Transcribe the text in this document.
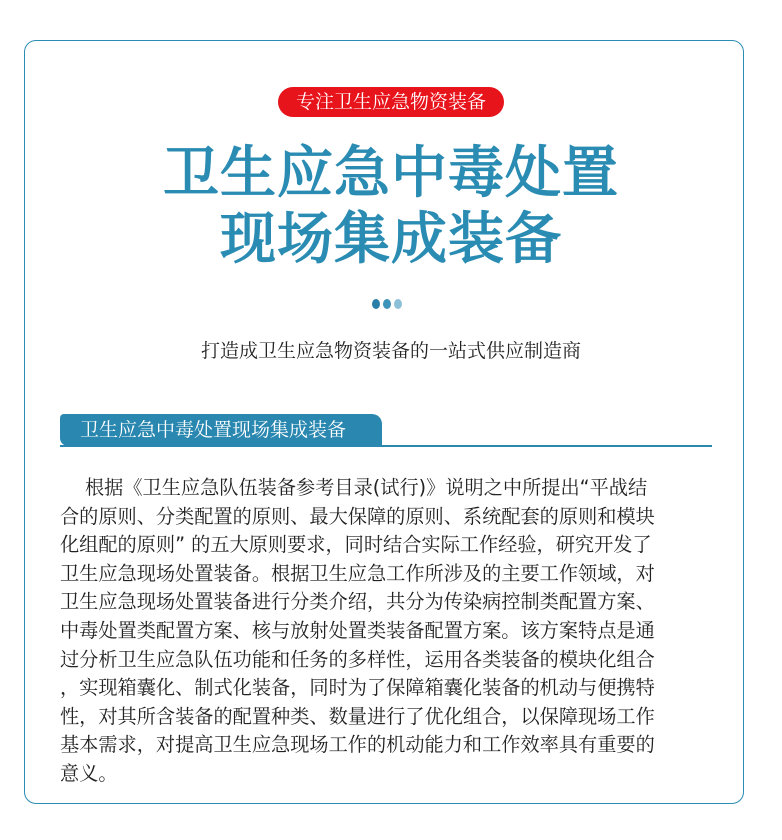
专注卫生应急物资装备
卫生应急中毒处置
现场集成装备
打造成卫生应急物资装备的一站式供应制造商
卫生应急中毒处置现场集成装备
根据《卫生应急队伍装备参考目录(试行)》说明之中所提出“平战结
合的原则、分类配置的原则、最大保障的原则、系统配套的原则和模块
化组配的原则” 的五大原则要求，同时结合实际工作经验，研究开发了
卫生应急现场处置装备。根据卫生应急工作所涉及的主要工作领域，对
卫生应急现场处置装备进行分类介绍，共分为传染病控制类配置方案、
中毒处置类配置方案、核与放射处置类装备配置方案。该方案特点是通
过分析卫生应急队伍功能和任务的多样性，运用各类装备的模块化组合
，实现箱囊化、制式化装备，同时为了保障箱囊化装备的机动与便携特
性，对其所含装备的配置种类、数量进行了优化组合，以保障现场工作
基本需求，对提高卫生应急现场工作的机动能力和工作效率具有重要的
意义。
